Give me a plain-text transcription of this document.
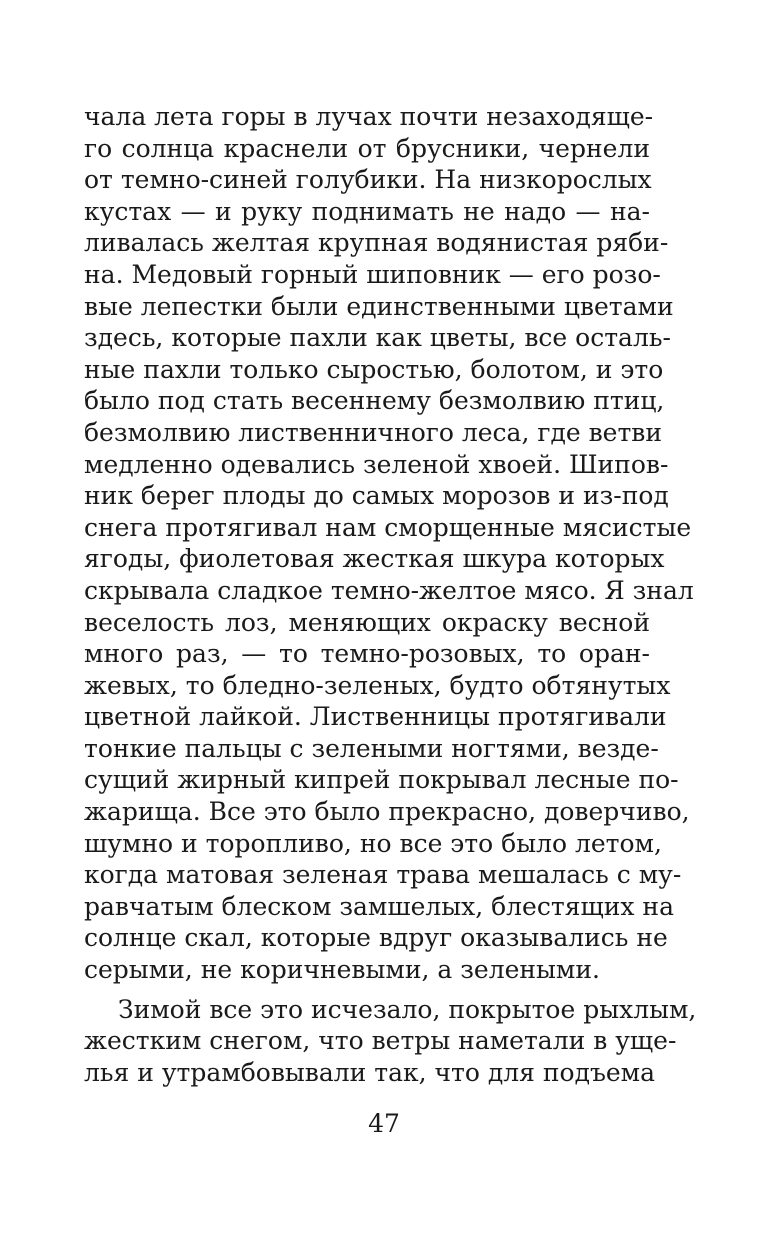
чала лета горы в лучах почти незаходяще-
го солнца краснели от брусники, чернели
от темно-синей голубики. На низкорослых
кустах — и руку поднимать не надо — на-
ливалась желтая крупная водянистая ряби-
на. Медовый горный шиповник — его розо-
вые лепестки были единственными цветами
здесь, которые пахли как цветы, все осталь-
ные пахли только сыростью, болотом, и это
было под стать весеннему безмолвию птиц,
безмолвию лиственничного леса, где ветви
медленно одевались зеленой хвоей. Шипов-
ник берег плоды до самых морозов и из-под
снега протягивал нам сморщенные мясистые
ягоды, фиолетовая жесткая шкура которых
скрывала сладкое темно-желтое мясо. Я знал
веселость лоз, меняющих окраску весной
много раз, — то темно-розовых, то оран-
жевых, то бледно-зеленых, будто обтянутых
цветной лайкой. Лиственницы протягивали
тонкие пальцы с зелеными ногтями, везде-
сущий жирный кипрей покрывал лесные по-
жарища. Все это было прекрасно, доверчиво,
шумно и торопливо, но все это было летом,
когда матовая зеленая трава мешалась с му-
равчатым блеском замшелых, блестящих на
солнце скал, которые вдруг оказывались не
серыми, не коричневыми, а зелеными.
Зимой все это исчезало, покрытое рыхлым,
жестким снегом, что ветры наметали в уще-
лья и утрамбовывали так, что для подъема
47
